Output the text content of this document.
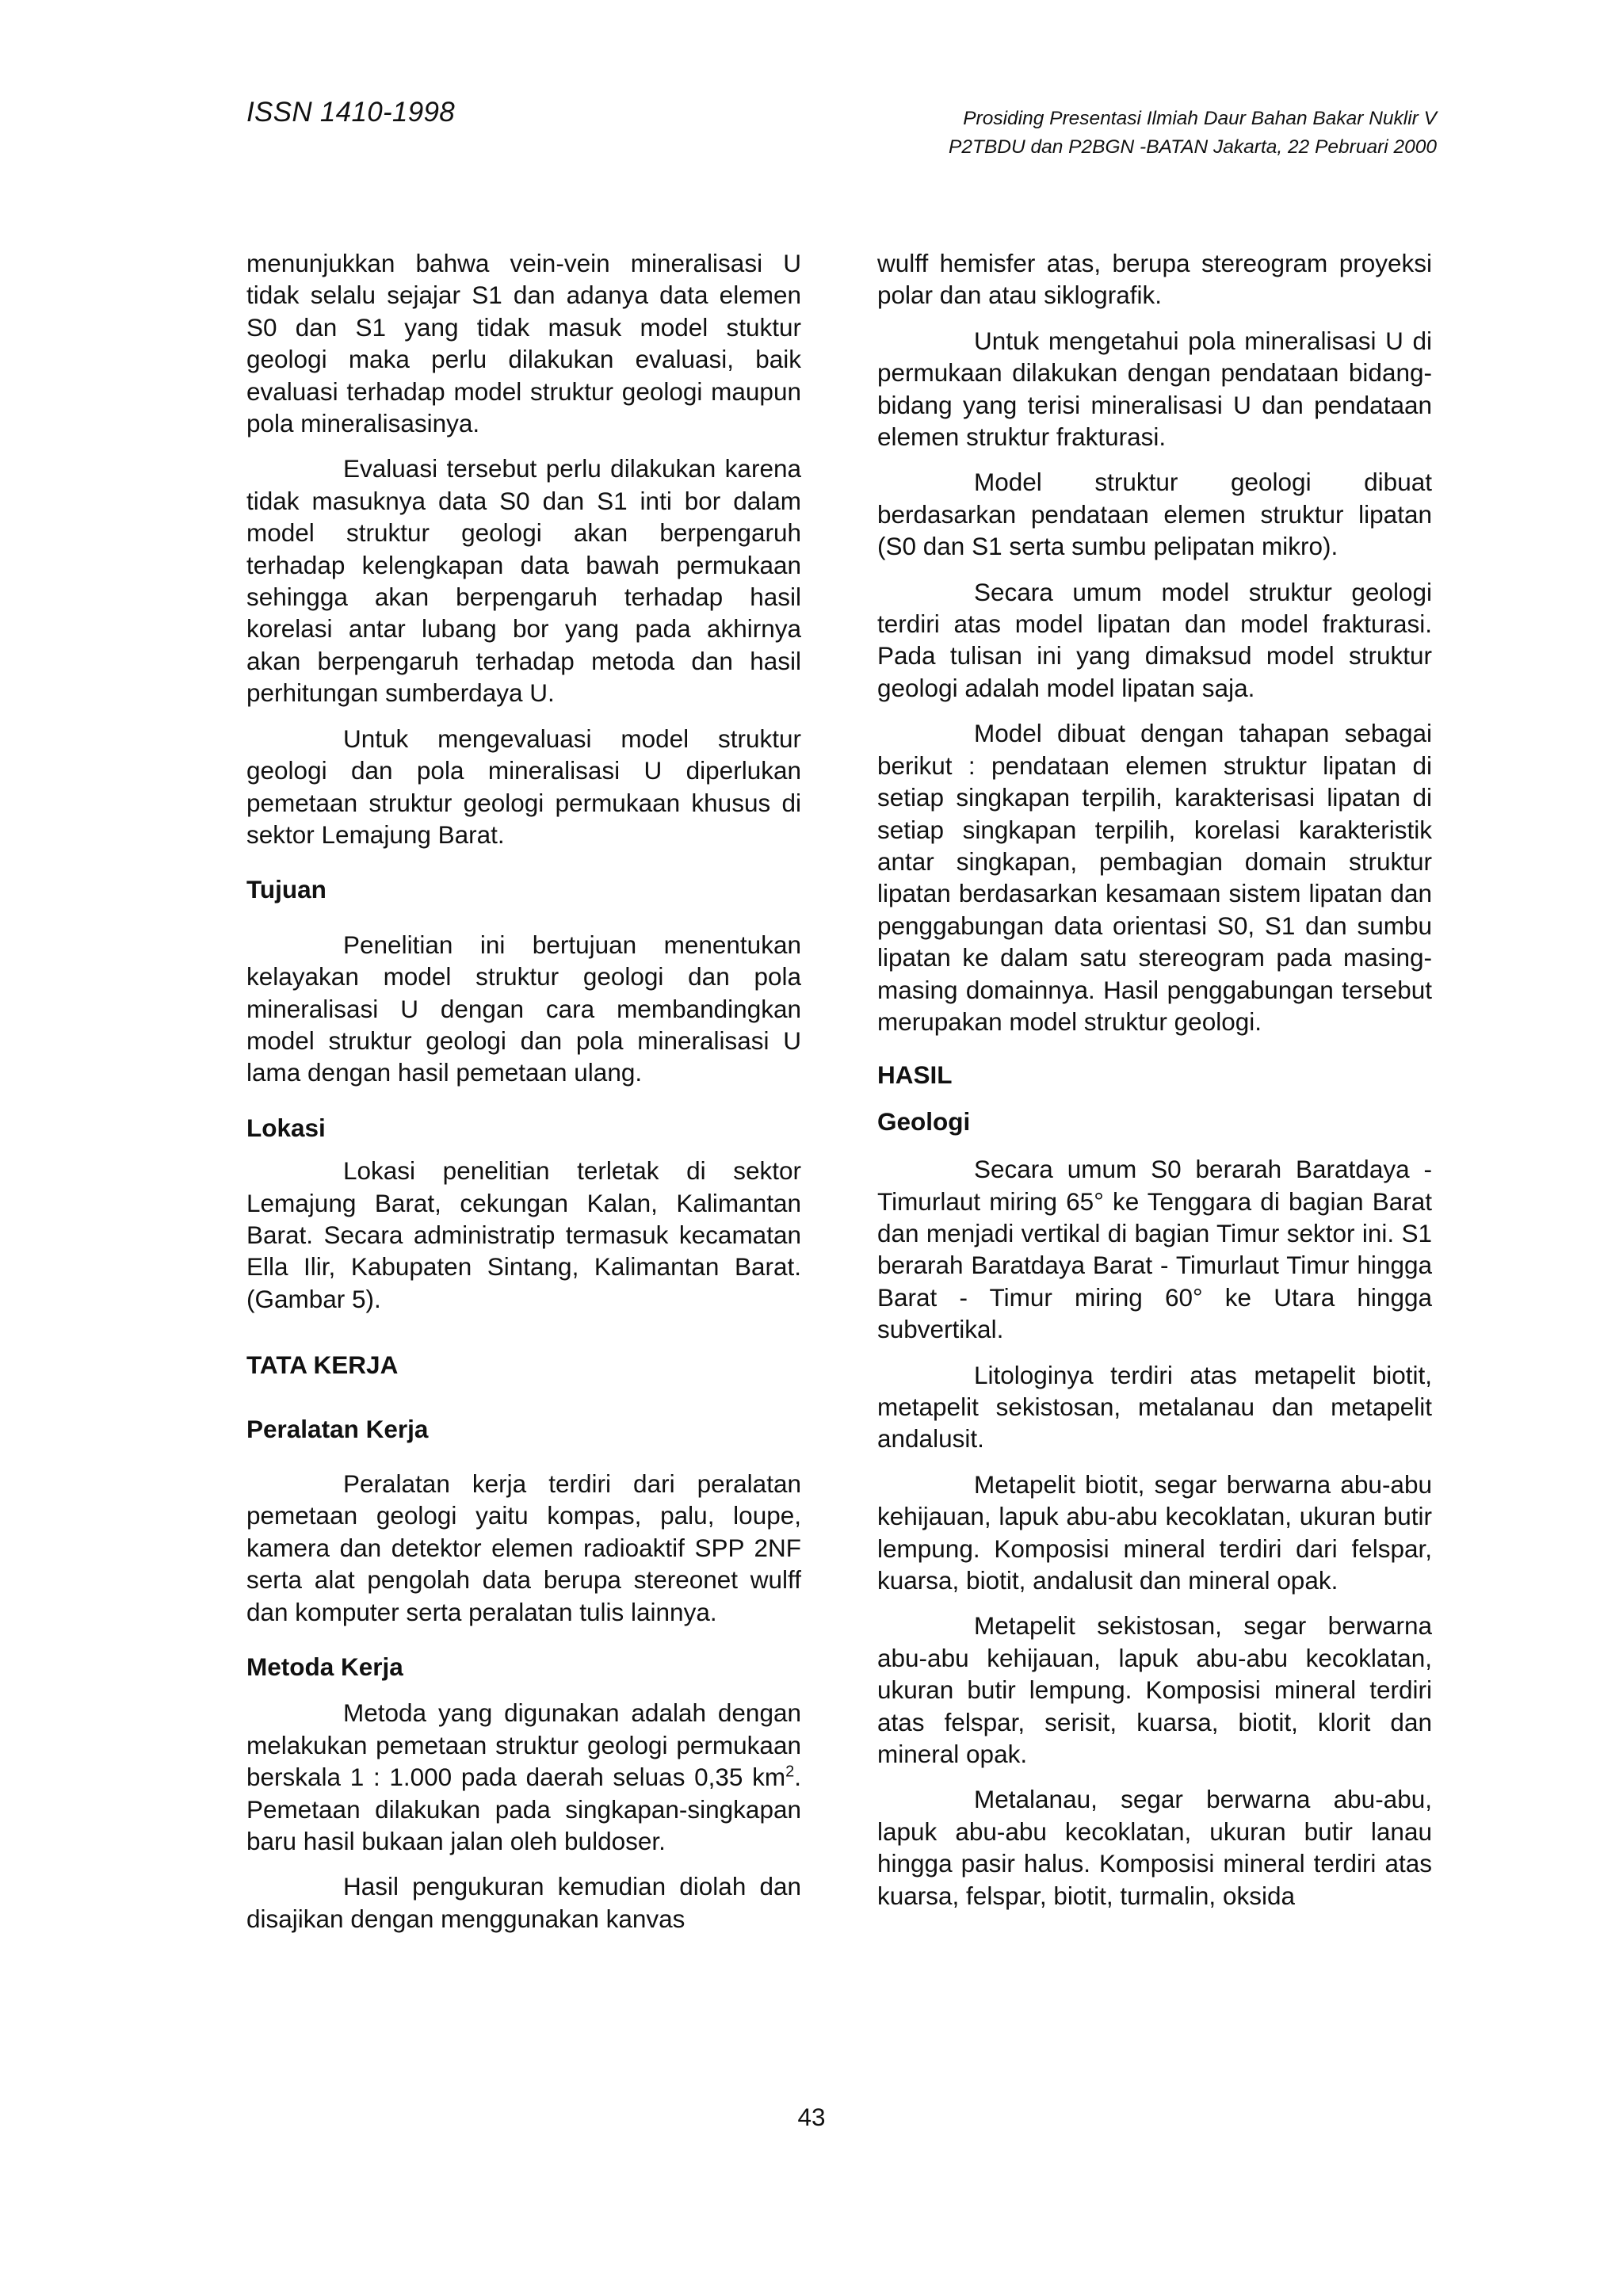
ISSN 1410-1998	Prosiding Presentasi Ilmiah Daur Bahan Bakar Nuklir V
P2TBDU dan P2BGN -BATAN Jakarta, 22 Pebruari 2000

menunjukkan bahwa vein-vein mineralisasi U tidak selalu sejajar S1 dan adanya data elemen S0 dan S1 yang tidak masuk model stuktur geologi maka perlu dilakukan evaluasi, baik evaluasi terhadap model struktur geologi maupun pola mineralisasinya.

Evaluasi tersebut perlu dilakukan karena tidak masuknya data S0 dan S1 inti bor dalam model struktur geologi akan berpengaruh terhadap kelengkapan data bawah permukaan sehingga akan berpengaruh terhadap hasil korelasi antar lubang bor yang pada akhirnya akan berpengaruh terhadap metoda dan hasil perhitungan sumberdaya U.

Untuk mengevaluasi model struktur geologi dan pola mineralisasi U diperlukan pemetaan struktur geologi permukaan khusus di sektor Lemajung Barat.

Tujuan

Penelitian ini bertujuan menentukan kelayakan model struktur geologi dan pola mineralisasi U dengan cara membandingkan model struktur geologi dan pola mineralisasi U lama dengan hasil pemetaan ulang.

Lokasi

Lokasi penelitian terletak di sektor Lemajung Barat, cekungan Kalan, Kalimantan Barat. Secara administratip termasuk kecamatan Ella Ilir, Kabupaten Sintang, Kalimantan Barat. (Gambar 5).

TATA KERJA
Peralatan Kerja

Peralatan kerja terdiri dari peralatan pemetaan geologi yaitu kompas, palu, loupe, kamera dan detektor elemen radioaktif SPP 2NF serta alat pengolah data berupa stereonet wulff dan komputer serta peralatan tulis lainnya.

Metoda Kerja

Metoda yang digunakan adalah dengan melakukan pemetaan struktur geologi permukaan berskala 1 : 1.000 pada daerah seluas 0,35 $km^2$. Pemetaan dilakukan pada singkapan-singkapan baru hasil bukaan jalan oleh buldoser.

Hasil pengukuran kemudian diolah dan disajikan dengan menggunakan kanvas

wulff hemisfer atas, berupa stereogram proyeksi polar dan atau siklografik.

Untuk mengetahui pola mineralisasi U di permukaan dilakukan dengan pendataan bidang-bidang yang terisi mineralisasi U dan pendataan elemen struktur frakturasi.

Model struktur geologi dibuat berdasarkan pendataan elemen struktur lipatan (S0 dan S1 serta sumbu pelipatan mikro).

Secara umum model struktur geologi terdiri atas model lipatan dan model frakturasi. Pada tulisan ini yang dimaksud model struktur geologi adalah model lipatan saja.

Model dibuat dengan tahapan sebagai berikut : pendataan elemen struktur lipatan di setiap singkapan terpilih, karakterisasi lipatan di setiap singkapan terpilih, korelasi karakteristik antar singkapan, pembagian domain struktur lipatan berdasarkan kesamaan sistem lipatan dan penggabungan data orientasi S0, S1 dan sumbu lipatan ke dalam satu stereogram pada masing-masing domainnya. Hasil penggabungan tersebut merupakan model struktur geologi.

HASIL
Geologi

Secara umum S0 berarah Baratdaya - Timurlaut miring 65° ke Tenggara di bagian Barat dan menjadi vertikal di bagian Timur sektor ini. S1 berarah Baratdaya Barat - Timurlaut Timur hingga Barat - Timur miring 60° ke Utara hingga subvertikal.

Litologinya terdiri atas metapelit biotit, metapelit sekistosan, metalanau dan metapelit andalusit.

Metapelit biotit, segar berwarna abu-abu kehijauan, lapuk abu-abu kecoklatan, ukuran butir lempung. Komposisi mineral terdiri dari felspar, kuarsa, biotit, andalusit dan mineral opak.

Metapelit sekistosan, segar berwarna abu-abu kehijauan, lapuk abu-abu kecoklatan, ukuran butir lempung. Komposisi mineral terdiri atas felspar, serisit, kuarsa, biotit, klorit dan mineral opak.

Metalanau, segar berwarna abu-abu, lapuk abu-abu kecoklatan, ukuran butir lanau hingga pasir halus. Komposisi mineral terdiri atas kuarsa, felspar, biotit, turmalin, oksida

43
